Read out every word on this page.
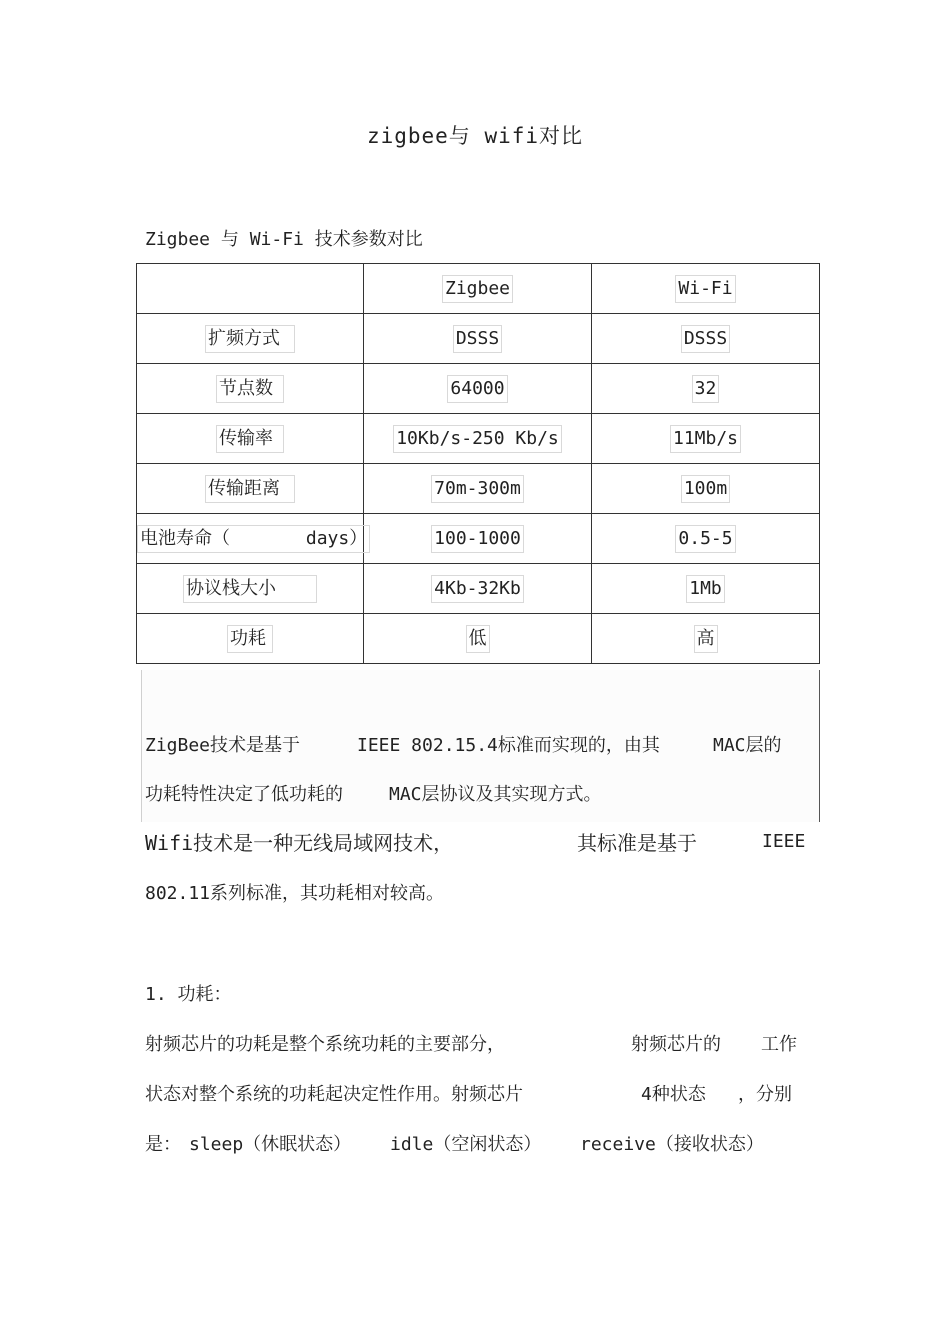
zigbee与 wifi对比
Zigbee 与 Wi-Fi 技术参数对比
	Zigbee	Wi-Fi
扩频方式	DSSS	DSSS
节点数	64000	32
传输率	10Kb/s-250 Kb/s	11Mb/s
传输距离	70m-300m	100m
电池寿命（       days）	100-1000	0.5-5
协议栈大小	4Kb-32Kb	1Mb
功耗	低	高
ZigBee技术是基于	IEEE 802.15.4标准而实现的，由其	MAC层的
功耗特性决定了低功耗的	MAC层协议及其实现方式。
Wifi技术是一种无线局域网技术，	其标准是基于	IEEE
802.11系列标准，其功耗相对较高。
1. 功耗：
射频芯片的功耗是整个系统功耗的主要部分，	射频芯片的 工作
状态对整个系统的功耗起决定性作用。射频芯片	4种状态 ，分别
是： sleep（休眠状态） idle（空闲状态） receive（接收状态）
